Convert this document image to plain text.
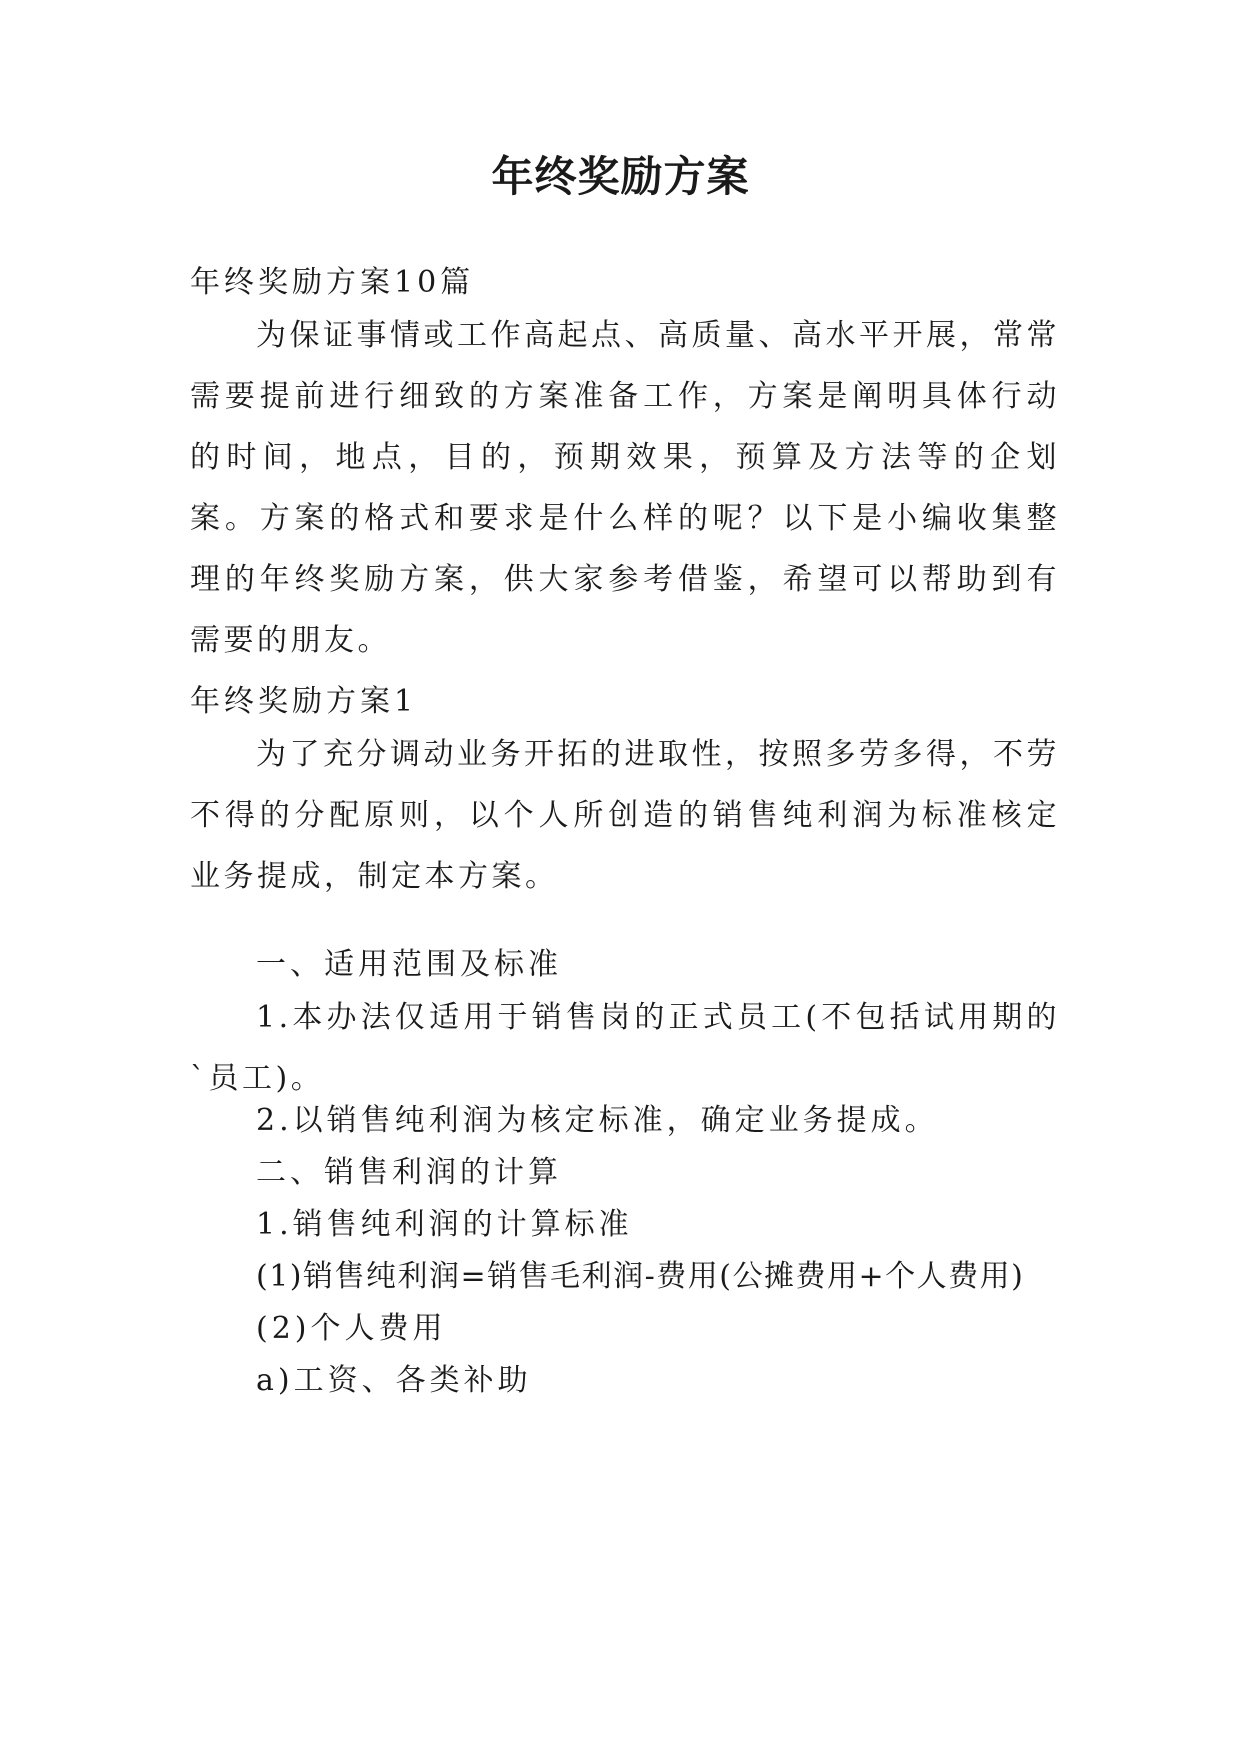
年终奖励方案
年终奖励方案10篇
为保证事情或工作高起点、高质量、高水平开展，常常需要提前进行细致的方案准备工作，方案是阐明具体行动的时间，地点，目的，预期效果，预算及方法等的企划案。方案的格式和要求是什么样的呢？以下是小编收集整理的年终奖励方案，供大家参考借鉴，希望可以帮助到有需要的朋友。
年终奖励方案1
为了充分调动业务开拓的进取性，按照多劳多得，不劳不得的分配原则，以个人所创造的销售纯利润为标准核定业务提成，制定本方案。
一、适用范围及标准
1.本办法仅适用于销售岗的正式员工(不包括试用期的`员工)。
2.以销售纯利润为核定标准，确定业务提成。
二、销售利润的计算
1.销售纯利润的计算标准
(1)销售纯利润=销售毛利润-费用(公摊费用+个人费用)
(2)个人费用
a)工资、各类补助
